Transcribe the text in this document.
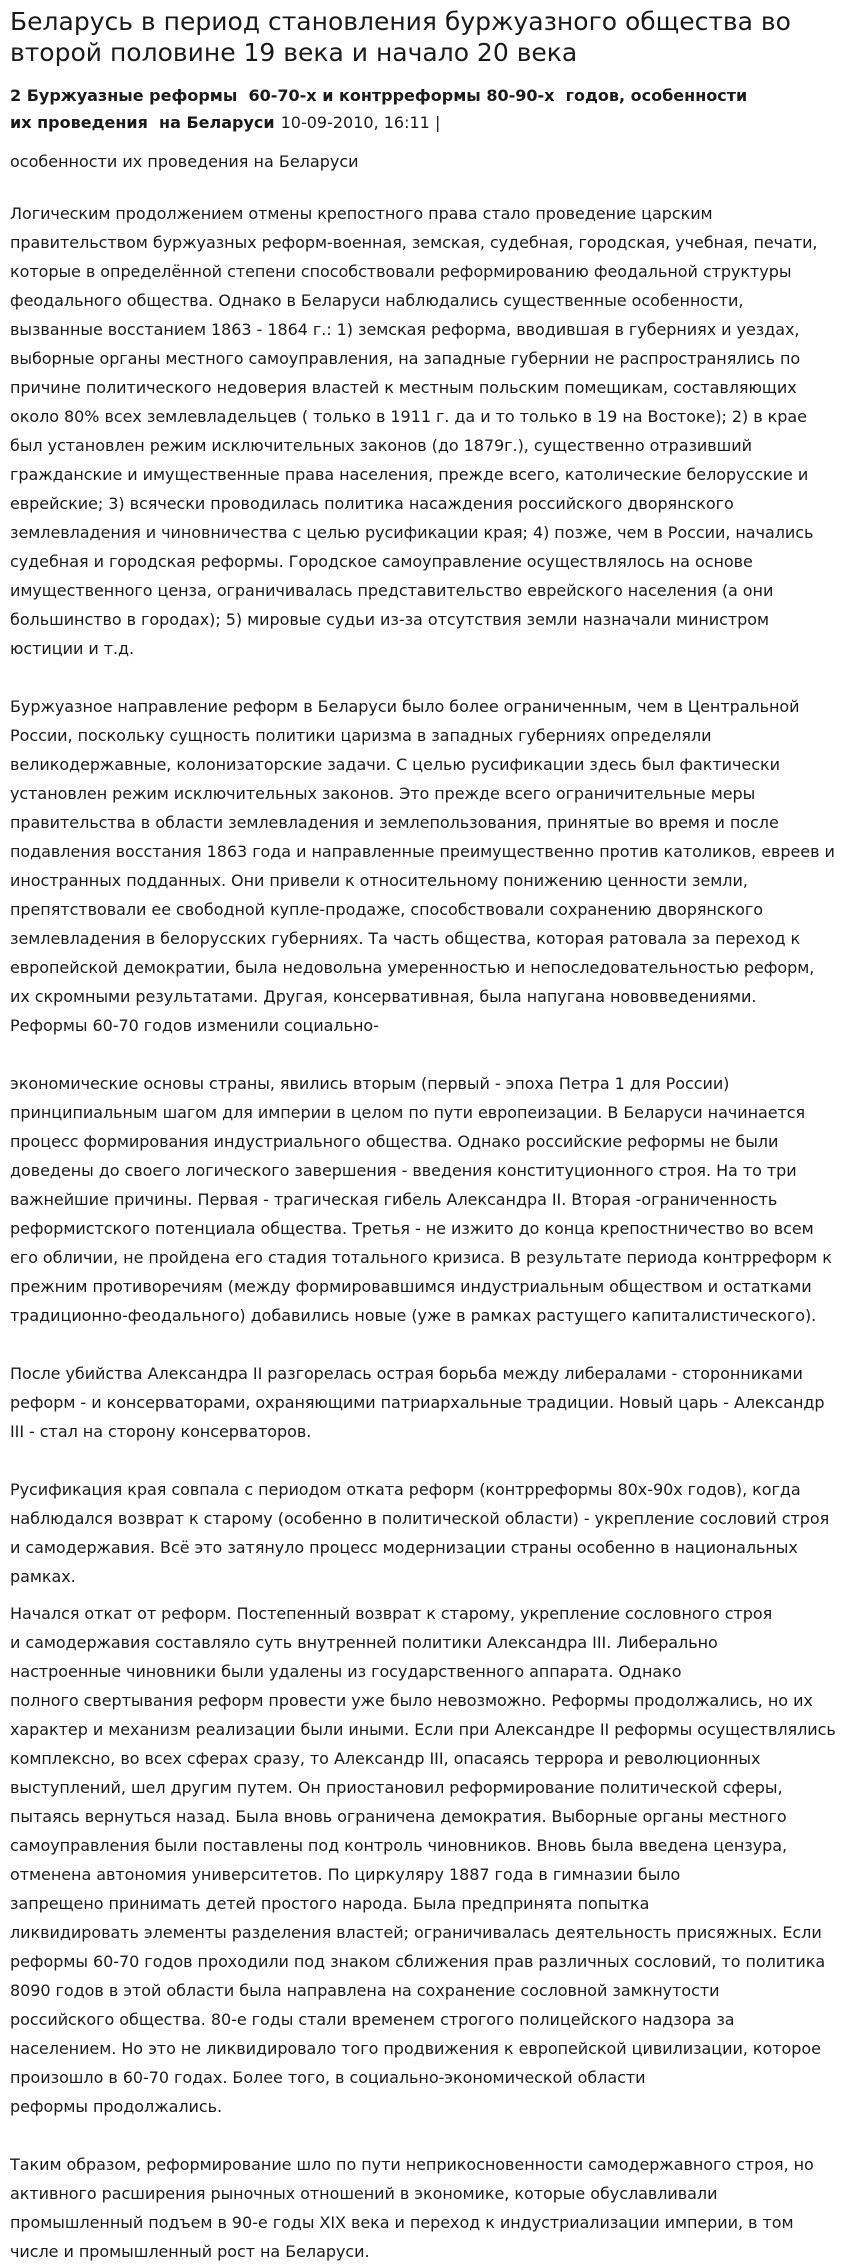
Беларусь в период становления буржуазного общества во второй половине 19 века и начало 20 века
2 Буржуазные реформы  60-70-х и контрреформы 80-90-х  годов, особенности
их проведения  на Беларуси 10-09-2010, 16:11 |
особенности их проведения на Беларуси
Логическим продолжением отмены крепостного права стало проведение царским
правительством буржуазных реформ-военная, земская, судебная, городская, учебная, печати,
которые в определённой степени способствовали реформированию феодальной структуры
феодального общества. Однако в Беларуси наблюдались существенные особенности,
вызванные восстанием 1863 - 1864 г.: 1) земская реформа, вводившая в губерниях и уездах,
выборные органы местного самоуправления, на западные губернии не распространялись по
причине политического недоверия властей к местным польским помещикам, составляющих
около 80% всех землевладельцев ( только в 1911 г. да и то только в 19 на Востоке); 2) в крае
был установлен режим исключительных законов (до 1879г.), существенно отразивший
гражданские и имущественные права населения, прежде всего, католические белорусские и
еврейские; 3) всячески проводилась политика насаждения российского дворянского
землевладения и чиновничества с целью русификации края; 4) позже, чем в России, начались
судебная и городская реформы. Городское самоуправление осуществлялось на основе
имущественного ценза, ограничивалась представительство еврейского населения (а они
большинство в городах); 5) мировые судьи из-за отсутствия земли назначали министром
юстиции и т.д.
Буржуазное направление реформ в Беларуси было более ограниченным, чем в Центральной
России, поскольку сущность политики царизма в западных губерниях определяли
великодержавные, колонизаторские задачи. С целью русификации здесь был фактически
установлен режим исключительных законов. Это прежде всего ограничительные меры
правительства в области землевладения и землепользования, принятые во время и после
подавления восстания 1863 года и направленные преимущественно против католиков, евреев и
иностранных подданных. Они привели к относительному понижению ценности земли,
препятствовали ее свободной купле-продаже, способствовали сохранению дворянского
землевладения в белорусских губерниях. Та часть общества, которая ратовала за переход к
европейской демократии, была недовольна умеренностью и непоследовательностью реформ,
их скромными результатами. Другая, консервативная, была напугана нововведениями.
Реформы 60-70 годов изменили социально-
экономические основы страны, явились вторым (первый - эпоха Петра 1 для России)
принципиальным шагом для империи в целом по пути европеизации. В Беларуси начинается
процесс формирования индустриального общества. Однако российские реформы не были
доведены до своего логического завершения - введения конституционного строя. На то три
важнейшие причины. Первая - трагическая гибель Александра II. Вторая -ограниченность
реформистского потенциала общества. Третья - не изжито до конца крепостничество во всем
его обличии, не пройдена его стадия тотального кризиса. В результате периода контрреформ к
прежним противоречиям (между формировавшимся индустриальным обществом и остатками
традиционно-феодального) добавились новые (уже в рамках растущего капиталистического).
После убийства Александра II разгорелась острая борьба между либералами - сторонниками
реформ - и консерваторами, охраняющими патриархальные традиции. Новый царь - Александр
III - стал на сторону консерваторов.
Русификация края совпала с периодом отката реформ (контрреформы 80х-90х годов), когда
наблюдался возврат к старому (особенно в политической области) - укрепление сословий строя
и самодержавия. Всё это затянуло процесс модернизации страны особенно в национальных
рамках.
Начался откат от реформ. Постепенный возврат к старому, укрепление сословного строя
и самодержавия составляло суть внутренней политики Александра III. Либерально
настроенные чиновники были удалены из государственного аппарата. Однако
полного свертывания реформ провести уже было невозможно. Реформы продолжались, но их
характер и механизм реализации были иными. Если при Александре II реформы осуществлялись
комплексно, во всех сферах сразу, то Александр III, опасаясь террора и революционных
выступлений, шел другим путем. Он приостановил реформирование политической сферы,
пытаясь вернуться назад. Была вновь ограничена демократия. Выборные органы местного
самоуправления были поставлены под контроль чиновников. Вновь была введена цензура,
отменена автономия университетов. По циркуляру 1887 года в гимназии было
запрещено принимать детей простого народа. Была предпринята попытка
ликвидировать элементы разделения властей; ограничивалась деятельность присяжных. Если
реформы 60-70 годов проходили под знаком сближения прав различных сословий, то политика
8090 годов в этой области была направлена на сохранение сословной замкнутости
российского общества. 80-е годы стали временем строгого полицейского надзора за
населением. Но это не ликвидировало того продвижения к европейской цивилизации, которое
произошло в 60-70 годах. Более того, в социально-экономической области
реформы продолжались.
Таким образом, реформирование шло по пути неприкосновенности самодержавного строя, но
активного расширения рыночных отношений в экономике, которые обуславливали
промышленный подъем в 90-е годы XIX века и переход к индустриализации империи, в том
числе и промышленный рост на Беларуси.
